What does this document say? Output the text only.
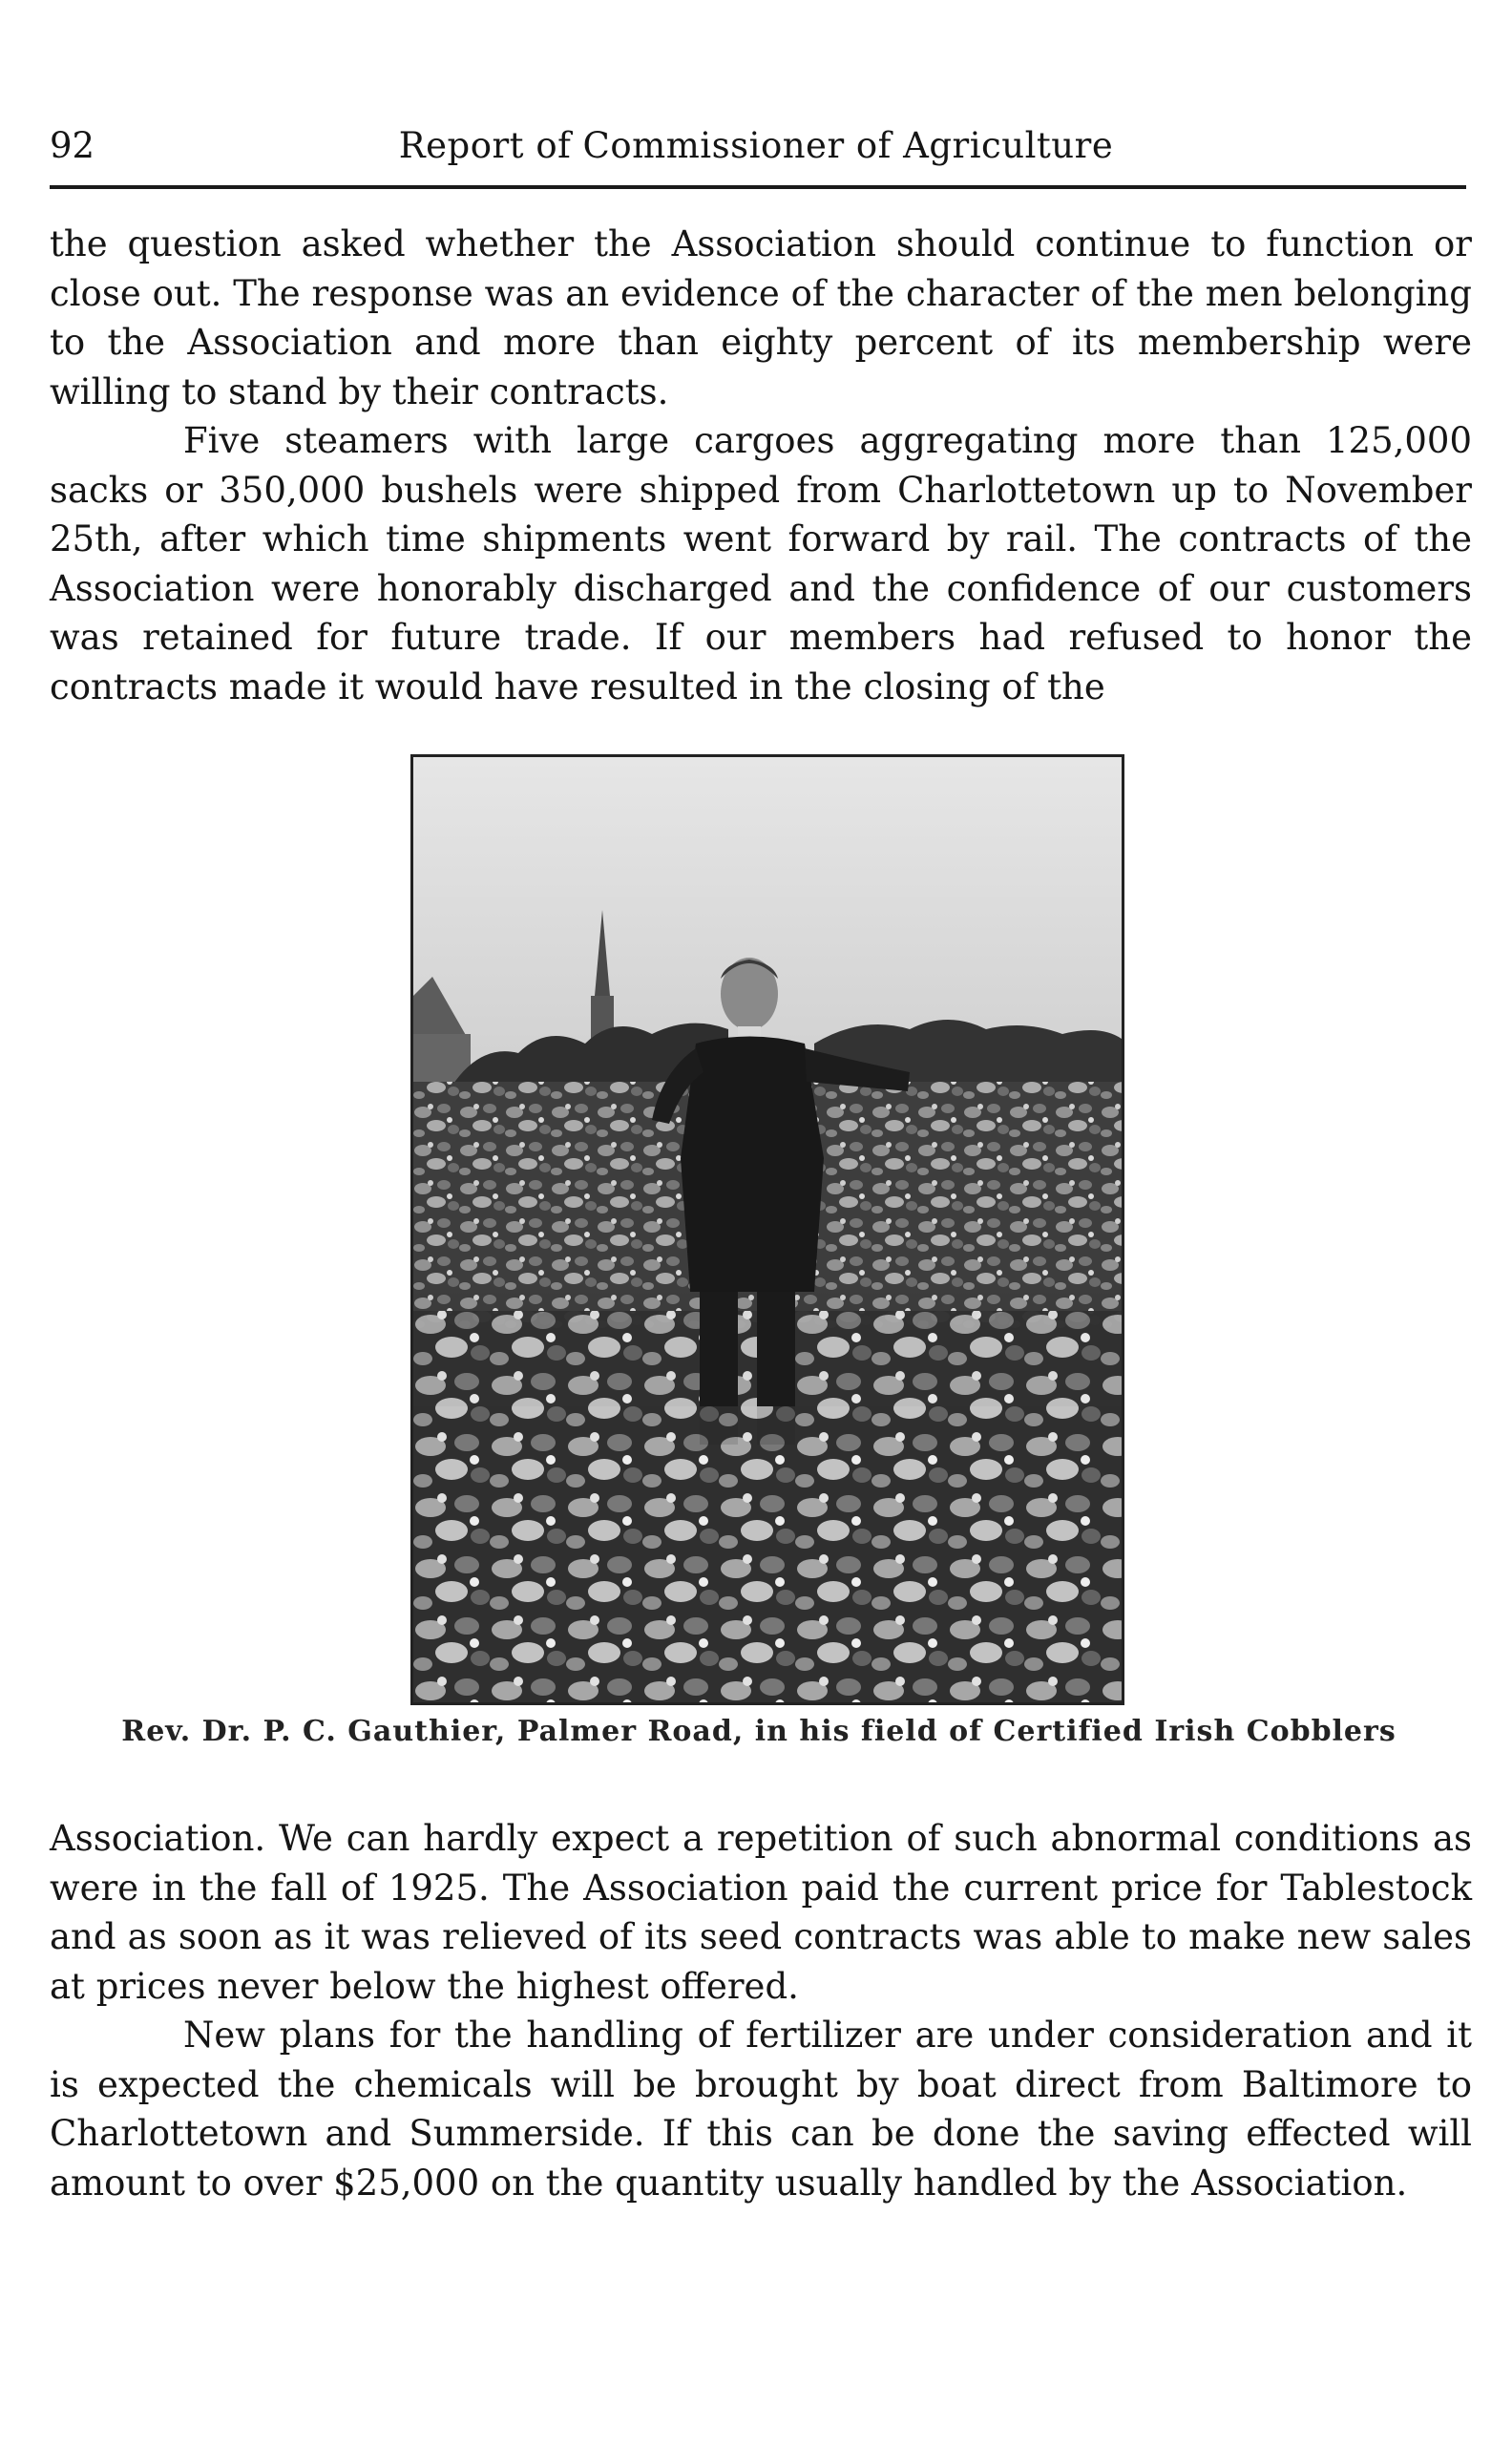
92	Report of Commissioner of Agriculture

the question asked whether the Association should continue to function or close out. The response was an evidence of the character of the men belonging to the Association and more than eighty percent of its membership were willing to stand by their contracts.

Five steamers with large cargoes aggregating more than 125,000 sacks or 350,000 bushels were shipped from Charlottetown up to November 25th, after which time shipments went forward by rail. The contracts of the Association were honorably discharged and the confidence of our customers was retained for future trade. If our members had refused to honor the contracts made it would have resulted in the closing of the

Rev. Dr. P. C. Gauthier, Palmer Road, in his field of Certified Irish Cobblers

Association. We can hardly expect a repetition of such abnormal conditions as were in the fall of 1925. The Association paid the current price for Tablestock and as soon as it was relieved of its seed contracts was able to make new sales at prices never below the highest offered.

New plans for the handling of fertilizer are under consideration and it is expected the chemicals will be brought by boat direct from Baltimore to Charlottetown and Summerside. If this can be done the saving effected will amount to over $25,000 on the quantity usually handled by the Association.
